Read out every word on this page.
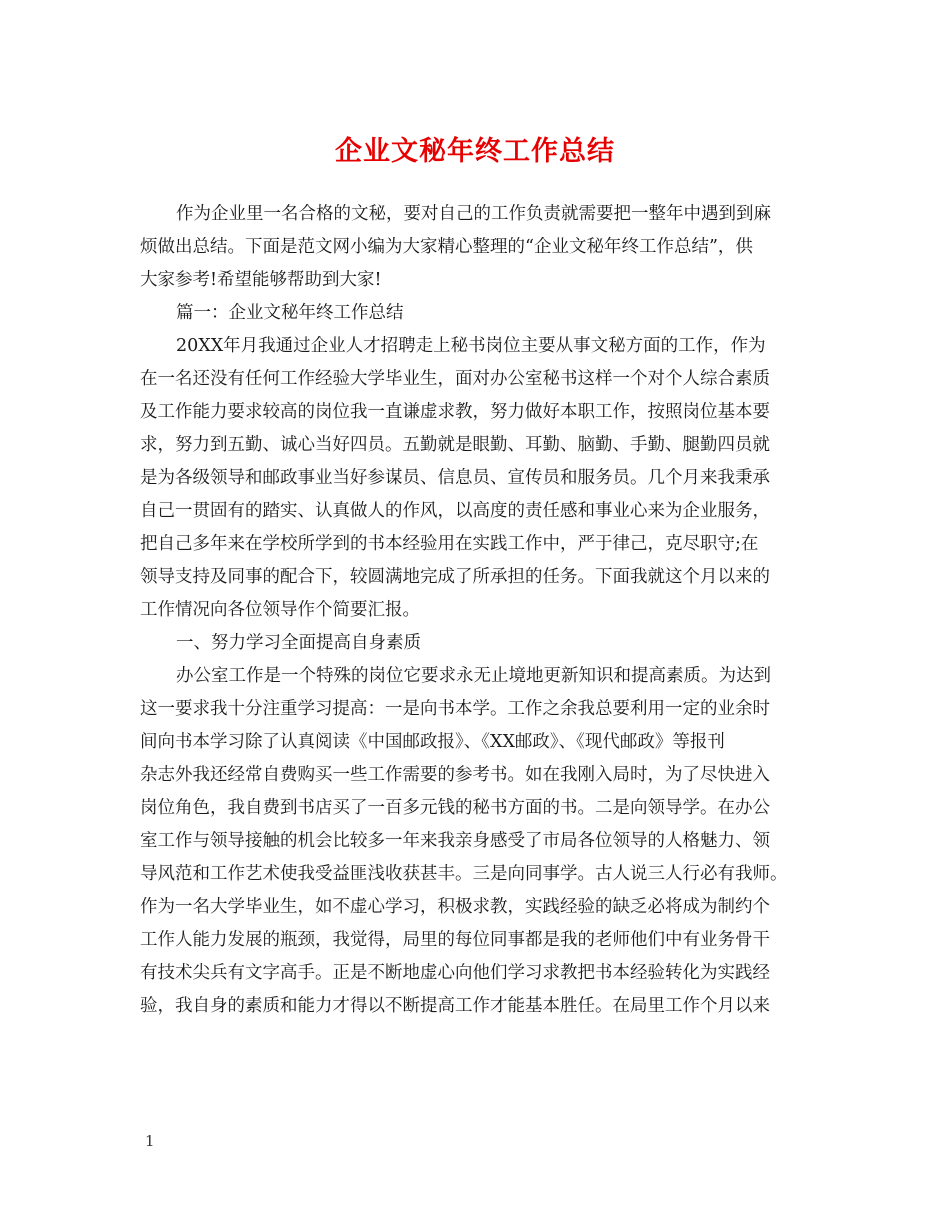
企业文秘年终工作总结
作为企业里一名合格的文秘，要对自己的工作负责就需要把一整年中遇到到麻
烦做出总结。下面是范文网小编为大家精心整理的“企业文秘年终工作总结”，供
大家参考!希望能够帮助到大家!
篇一：企业文秘年终工作总结
20XX年月我通过企业人才招聘走上秘书岗位主要从事文秘方面的工作，作为
在一名还没有任何工作经验大学毕业生，面对办公室秘书这样一个对个人综合素质
及工作能力要求较高的岗位我一直谦虚求教，努力做好本职工作，按照岗位基本要
求，努力到五勤、诚心当好四员。五勤就是眼勤、耳勤、脑勤、手勤、腿勤四员就
是为各级领导和邮政事业当好参谋员、信息员、宣传员和服务员。几个月来我秉承
自己一贯固有的踏实、认真做人的作风，以高度的责任感和事业心来为企业服务，
把自己多年来在学校所学到的书本经验用在实践工作中，严于律己，克尽职守;在
领导支持及同事的配合下，较圆满地完成了所承担的任务。下面我就这个月以来的
工作情况向各位领导作个简要汇报。
一、努力学习全面提高自身素质
办公室工作是一个特殊的岗位它要求永无止境地更新知识和提高素质。为达到
这一要求我十分注重学习提高：一是向书本学。工作之余我总要利用一定的业余时
间向书本学习除了认真阅读《中国邮政报》、《XX邮政》、《现代邮政》等报刊
杂志外我还经常自费购买一些工作需要的参考书。如在我刚入局时，为了尽快进入
岗位角色，我自费到书店买了一百多元钱的秘书方面的书。二是向领导学。在办公
室工作与领导接触的机会比较多一年来我亲身感受了市局各位领导的人格魅力、领
导风范和工作艺术使我受益匪浅收获甚丰。三是向同事学。古人说三人行必有我师。
作为一名大学毕业生，如不虚心学习，积极求教，实践经验的缺乏必将成为制约个
工作人能力发展的瓶颈，我觉得，局里的每位同事都是我的老师他们中有业务骨干
有技术尖兵有文字高手。正是不断地虚心向他们学习求教把书本经验转化为实践经
验，我自身的素质和能力才得以不断提高工作才能基本胜任。在局里工作个月以来
1
